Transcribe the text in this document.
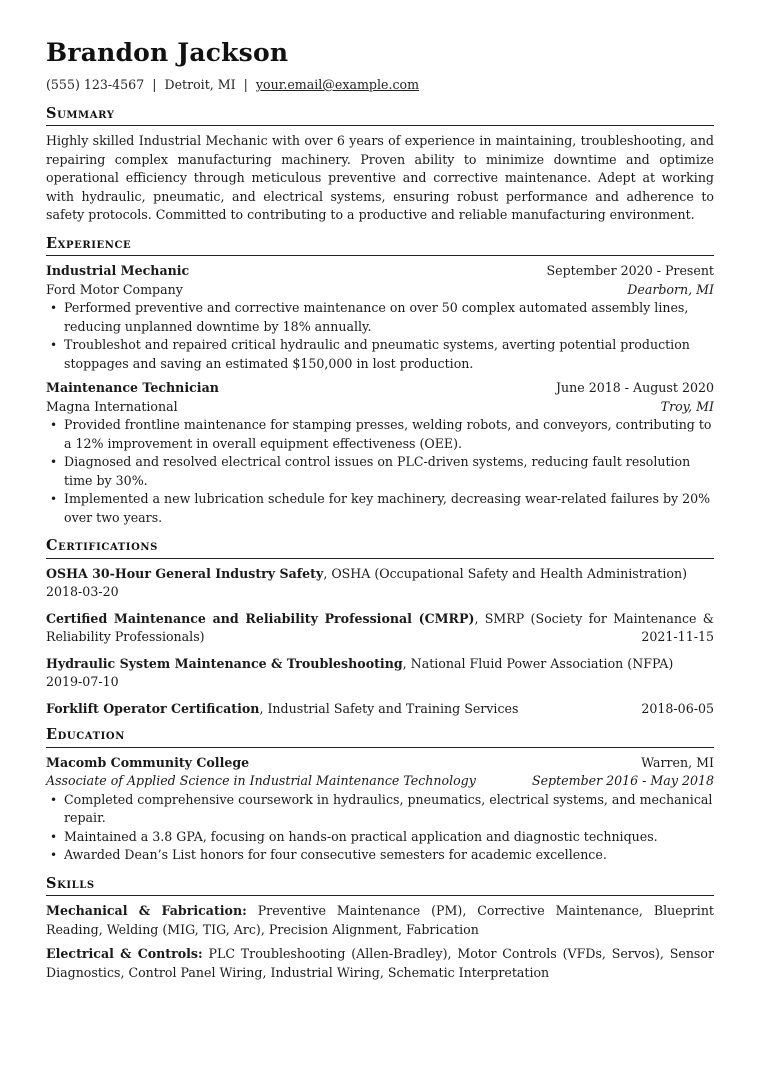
Brandon Jackson
(555) 123-4567 | Detroit, MI | your.email@example.com
Summary
Highly skilled Industrial Mechanic with over 6 years of experience in maintaining, troubleshooting, and repairing complex manufacturing machinery. Proven ability to minimize downtime and optimize operational efficiency through meticulous preventive and corrective maintenance. Adept at working with hydraulic, pneumatic, and electrical systems, ensuring robust performance and adherence to safety protocols. Committed to contributing to a productive and reliable manufacturing environment.
Experience
Industrial Mechanic	September 2020 - Present
Ford Motor Company	Dearborn, MI
• Performed preventive and corrective maintenance on over 50 complex automated assembly lines, reducing unplanned downtime by 18% annually.
• Troubleshot and repaired critical hydraulic and pneumatic systems, averting potential production stoppages and saving an estimated $150,000 in lost production.
Maintenance Technician	June 2018 - August 2020
Magna International	Troy, MI
• Provided frontline maintenance for stamping presses, welding robots, and conveyors, contributing to a 12% improvement in overall equipment effectiveness (OEE).
• Diagnosed and resolved electrical control issues on PLC-driven systems, reducing fault resolution time by 30%.
• Implemented a new lubrication schedule for key machinery, decreasing wear-related failures by 20% over two years.
Certifications
OSHA 30-Hour General Industry Safety, OSHA (Occupational Safety and Health Administration)
2018-03-20
Certified Maintenance and Reliability Professional (CMRP), SMRP (Society for Maintenance & Reliability Professionals)	2021-11-15
Hydraulic System Maintenance & Troubleshooting, National Fluid Power Association (NFPA)
2019-07-10
Forklift Operator Certification, Industrial Safety and Training Services	2018-06-05
Education
Macomb Community College	Warren, MI
Associate of Applied Science in Industrial Maintenance Technology	September 2016 - May 2018
• Completed comprehensive coursework in hydraulics, pneumatics, electrical systems, and mechanical repair.
• Maintained a 3.8 GPA, focusing on hands-on practical application and diagnostic techniques.
• Awarded Dean’s List honors for four consecutive semesters for academic excellence.
Skills
Mechanical & Fabrication: Preventive Maintenance (PM), Corrective Maintenance, Blueprint Reading, Welding (MIG, TIG, Arc), Precision Alignment, Fabrication
Electrical & Controls: PLC Troubleshooting (Allen-Bradley), Motor Controls (VFDs, Servos), Sensor Diagnostics, Control Panel Wiring, Industrial Wiring, Schematic Interpretation
